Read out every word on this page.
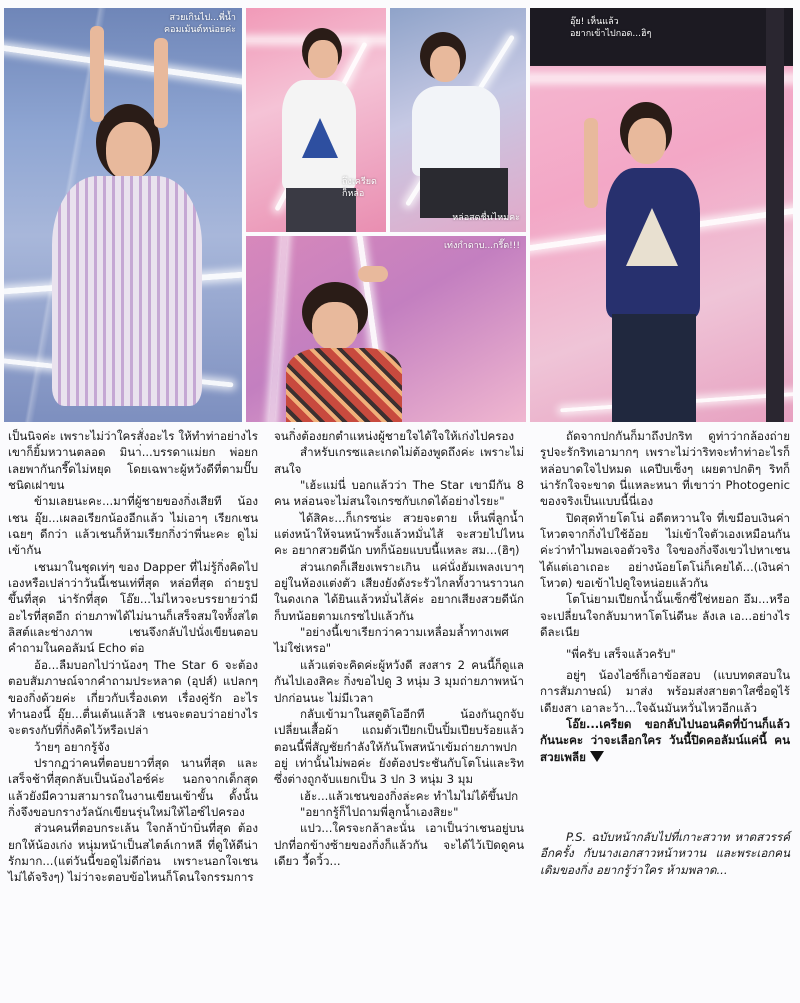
สวยเกินไป...พี่น้ำ
คอมเม้นต์หน่อยค่ะ
ถึงเครียด
ก็หล่อ
หล่อสดชื่นไหมคะ
เท่งกำดาบ...กรี๊ด!!!
อุ๊ย! เห็นแล้ว
อยากเข้าไปกอด...ฮิๆ

เป็นนิจค่ะ เพราะไม่ว่าใครสั่งอะไร ให้ทำท่าอย่างไร เขาก็ยิ้มหวานตลอด มินา่...บรรดาแม่ยก พ่อยก เลยพากันกรี๊ดไม่หยุด โดยเฉพาะผู้หวังดีที่ตามปั๊บชนิดเฝาขน

ข้ามเลยนะคะ...มาที่ผู้ชายของกิ่งเสียที น้องเชน อุ๊ย...เผลอเรียกน้องอีกแล้ว ไม่เอาๆ เรียกเชนเฉยๆ ดีกว่า แล้วเชนก็ห้ามเรียกกิ่งว่าพี่นะคะ ดูไม่เข้ากัน

เชนมาในชุดเท่ๆ ของ Dapper ที่ไม่รู้กิ่งคิดไปเองหรือเปล่าว่าวันนี้เชนเท่ที่สุด หล่อที่สุด ถ่ายรูปขึ้นที่สุด น่ารักที่สุด โอ๊ย...ไม่ไหวจะบรรยายว่ามีอะไรที่สุดอีก ถ่ายภาพได้ไม่นานก็เสร็จสมใจทั้งสไตลิสต์และช่างภาพ เชนจึงกลับไปนั่งเขียนตอบคำถามในคอลัมน์ Echo ต่อ

อ้อ...ลืมบอกไปว่าน้องๆ The Star 6 จะต้องตอบสัมภาษณ์จากคำถามประหลาด (อุปส์) แปลกๆ ของกิ่งด้วยค่ะ เกี่ยวกับเรื่องเดท เรื่องคู่รัก อะไรทำนองนี้ อุ๊ย...ตื่นเต้นแล้วสิ เชนจะตอบว่าอย่างไรจะตรงกับที่กิ่งคิดไว้หรือเปล่า

ว้ายๆ อยากรู้จัง

ปรากฏว่าคนที่ตอบยาวที่สุด นานที่สุด และเสร็จช้าที่สุดกลับเป็นน้องไอซ์ค่ะ นอกจากเด็กสุดแล้วยังมีความสามารถในงานเขียนเข้าขั้น ดั้งนั้นกิ่งจึงขอบกรางวัลนักเขียนรุ่นใหม่ให้ไอซ์ไปครอง

ส่วนคนที่ตอบกระเล้น ใจกล้าบ้าบิ่นที่สุด ต้องยกให้น้องเก่ง หนุ่มหน้าเป็นสไตล์เกาหลี ที่ดูให้ดีน่ารักมาก...(แต่วันนี้ขอดูไม่ดีก่อน เพราะนอกใจเชนไม่ได้จริงๆ) ไม่ว่าจะตอบข้อไหนก็โดนใจกรรมการ

จนกิ่งต้องยกตำแหน่งผู้ชายใจได้ใจให้เก่งไปครอง

สำหรับเกรซและเกดไม่ต้องพูดถึงค่ะ เพราะไม่สนใจ

"เฮ้ะแม่นี่ บอกแล้วว่า The Star เขามีกัน 8 คน หล่อนจะไม่สนใจเกรซกับเกดได้อย่างไรยะ"

ได้สิคะ...ก็เกรซน่ะ สวยจะตาย เห็นพี่ลูกน้ำแต่งหน้าให้จนหน้าพริ้งแล้วหมั่นไส้ จะสวยไปไหนคะ อยากสวยดีนัก บทก็น้อยแบบนี้แหละ สม...(ฮิๆ)

ส่วนเกดก็เสียงเพราะเกิน แค่นั่งฮัมเพลงเบาๆ อยู่ในห้องแต่งตัว เสียงยังดังระรัวไกลทั้งวานราวนกในดงเกล ได้ยินแล้วหมั่นไส้ค่ะ อยากเสียงสวยดีนักก็บทน้อยตามเกรซไปแล้วกัน

"อย่างนี้เขาเรียกว่าความเหลื่อมล้ำทางเพศไม่ใช่เหรอ"

แล้วแต่จะคิดค่ะผู้หวังดี สงสาร 2 คนนี้ก็ดูแลกันไปเองสิคะ กิ่งขอไปดู 3 หนุ่ม 3 มุมถ่ายภาพหน้าปกก่อนนะ ไม่มีเวลา

กลับเข้ามาในสตูดิโออีกที น้องกันถูกจับเปลี่ยนเสื้อผ้า แถมตัวเปียกเป็นปิ้มเปียบร้อยแล้ว ตอนนี้พี่สัญชัยกำลังให้กันโพสหน้าเข้มถ่ายภาพปกอยู่ เท่านั้นไม่พอค่ะ ยังต้องประชันกับโตโน่และริท ซึ่งต่างถูกจับแยกเป็น 3 ปก 3 หนุ่ม 3 มุม

เฮ้ะ...แล้วเชนของกิ่งล่ะคะ ทำไมไม่ได้ขึ้นปก

"อยากรู้ก็ไปถามพี่ลูกน้ำเองสิยะ"

แปว...ใครจะกล้าละนั่น เอาเป็นว่าเชนอยู่บนปกที่อกข้างซ้ายของกิ่งก็แล้วกัน จะได้ไว้เปิดดูคนเดียว วี้ดวิ้ว...

ถัดจากปกกันก็มาถึงปกริท ดูท่าว่ากล้องถ่ายรูปจะรักริทเอามากๆ เพราะไม่ว่าริทจะทำท่าอะไรก็หล่อบาดใจไปหมด แคปีบเซ็งๆ เผยตาปกติๆ ริทก็น่ารักใจจะขาด นี่แหละหนา ที่เขาว่า Photogenic ของจริงเป็นแบบนี้นี่เอง

ปิดสุดท้ายโตโน่ อดีตหวานใจ ที่เขมีอบเงินค่าโหวตจากกิ่งไปใช้อ้อย ไม่เข้าใจตัวเองเหมือนกันค่ะว่าทำไมพอเจอตัวจริง ใจของกิ่งจึงเขวไปหาเชนได้แต่เอาเถอะ อย่างน้อยโตโน่ก็เคยได้...(เงินค่าโหวต) ขอเข้าไปดูใจหน่อยแล้วกัน

โตโน่ยามเปียกน้ำนั้นเซ็กซี่ใช่หยอก อึม...หรือจะเปลี่ยนใจกลับมาหาโตโน่ดีนะ ลังเล เอ...อย่างไรดีละเนีย

"พี่ครับ เสร็จแล้วครับ"

อยู่ๆ น้องไอซ์ก็เอาข้อสอบ (แบบทดสอบในการสัมภาษณ์) มาส่ง พร้อมส่งสายตาใสซื่อดูไร้เดียงสา เอาละว้า...ใจฉันมันหวั่นไหวอีกแล้ว

โอ๊ย...เครียด ขอกลับไปนอนคิดที่บ้านก็แล้วกันนะคะ ว่าจะเลือกใคร วันนี้ปิดคอลัมน์แค่นี้ คนสวยเพลีย

P.S. ฉบับหน้ากลับไปที่เกาะสวาท หาดสวรรค์ อีกครั้ง กับนางเอกสาวหน้าหวาน และพระเอกคนเดิมของกิ่ง อยากรู้ว่าใคร ห้ามพลาด...
